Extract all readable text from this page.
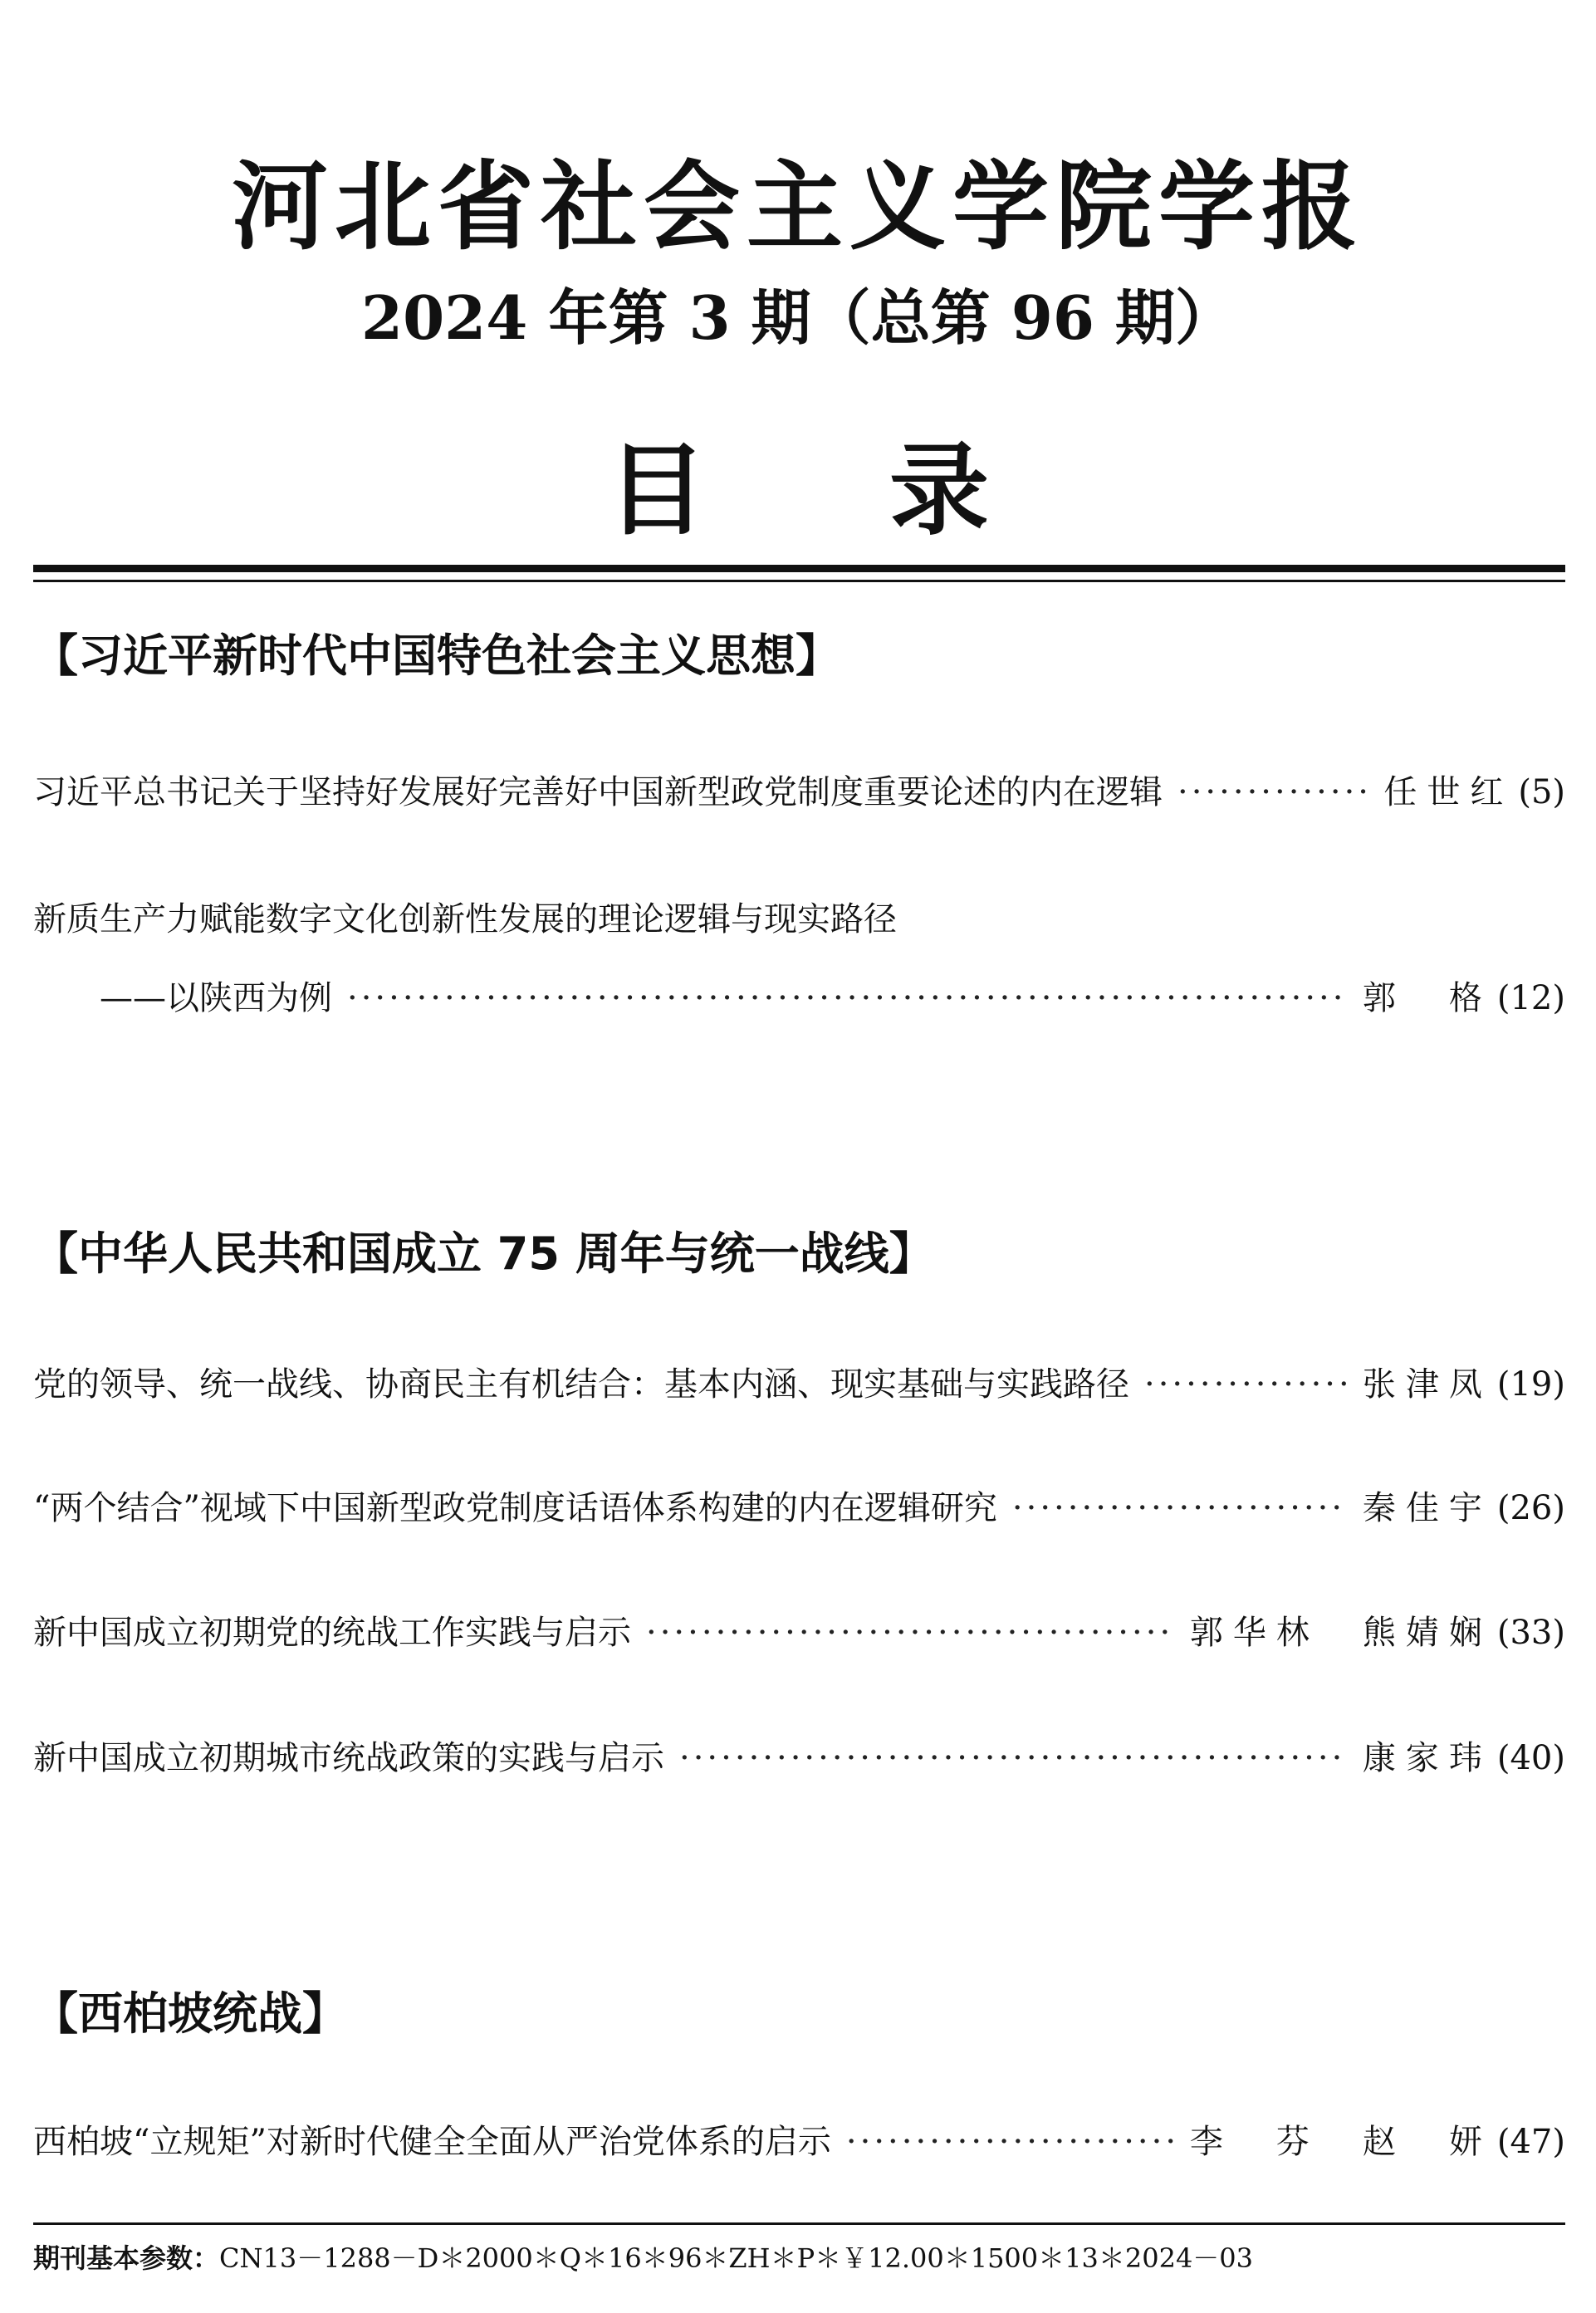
河北省社会主义学院学报
2024 年第 3 期（总第 96 期）
目录
【习近平新时代中国特色社会主义思想】
习近平总书记关于坚持好发展好完善好中国新型政党制度重要论述的内在逻辑 ·····	任世红 ( 5 )
新质生产力赋能数字文化创新性发展的理论逻辑与现实路径
——以陕西为例 ·····	郭　格 ( 12 )
【中华人民共和国成立 75 周年与统一战线】
党的领导、统一战线、协商民主有机结合：基本内涵、现实基础与实践路径 ·····	张津凤 ( 19 )
“两个结合”视域下中国新型政党制度话语体系构建的内在逻辑研究 ·····	秦佳宇 ( 26 )
新中国成立初期党的统战工作实践与启示 ·····	郭华林　熊婧娴 ( 33 )
新中国成立初期城市统战政策的实践与启示 ·····	康家玮 ( 40 )
【西柏坡统战】
西柏坡“立规矩”对新时代健全全面从严治党体系的启示 ·····	李　芬　赵　妍 ( 47 )
期刊基本参数：CN13－1288－D＊2000＊Q＊16＊96＊ZH＊P＊￥12.00＊1500＊13＊2024－03
